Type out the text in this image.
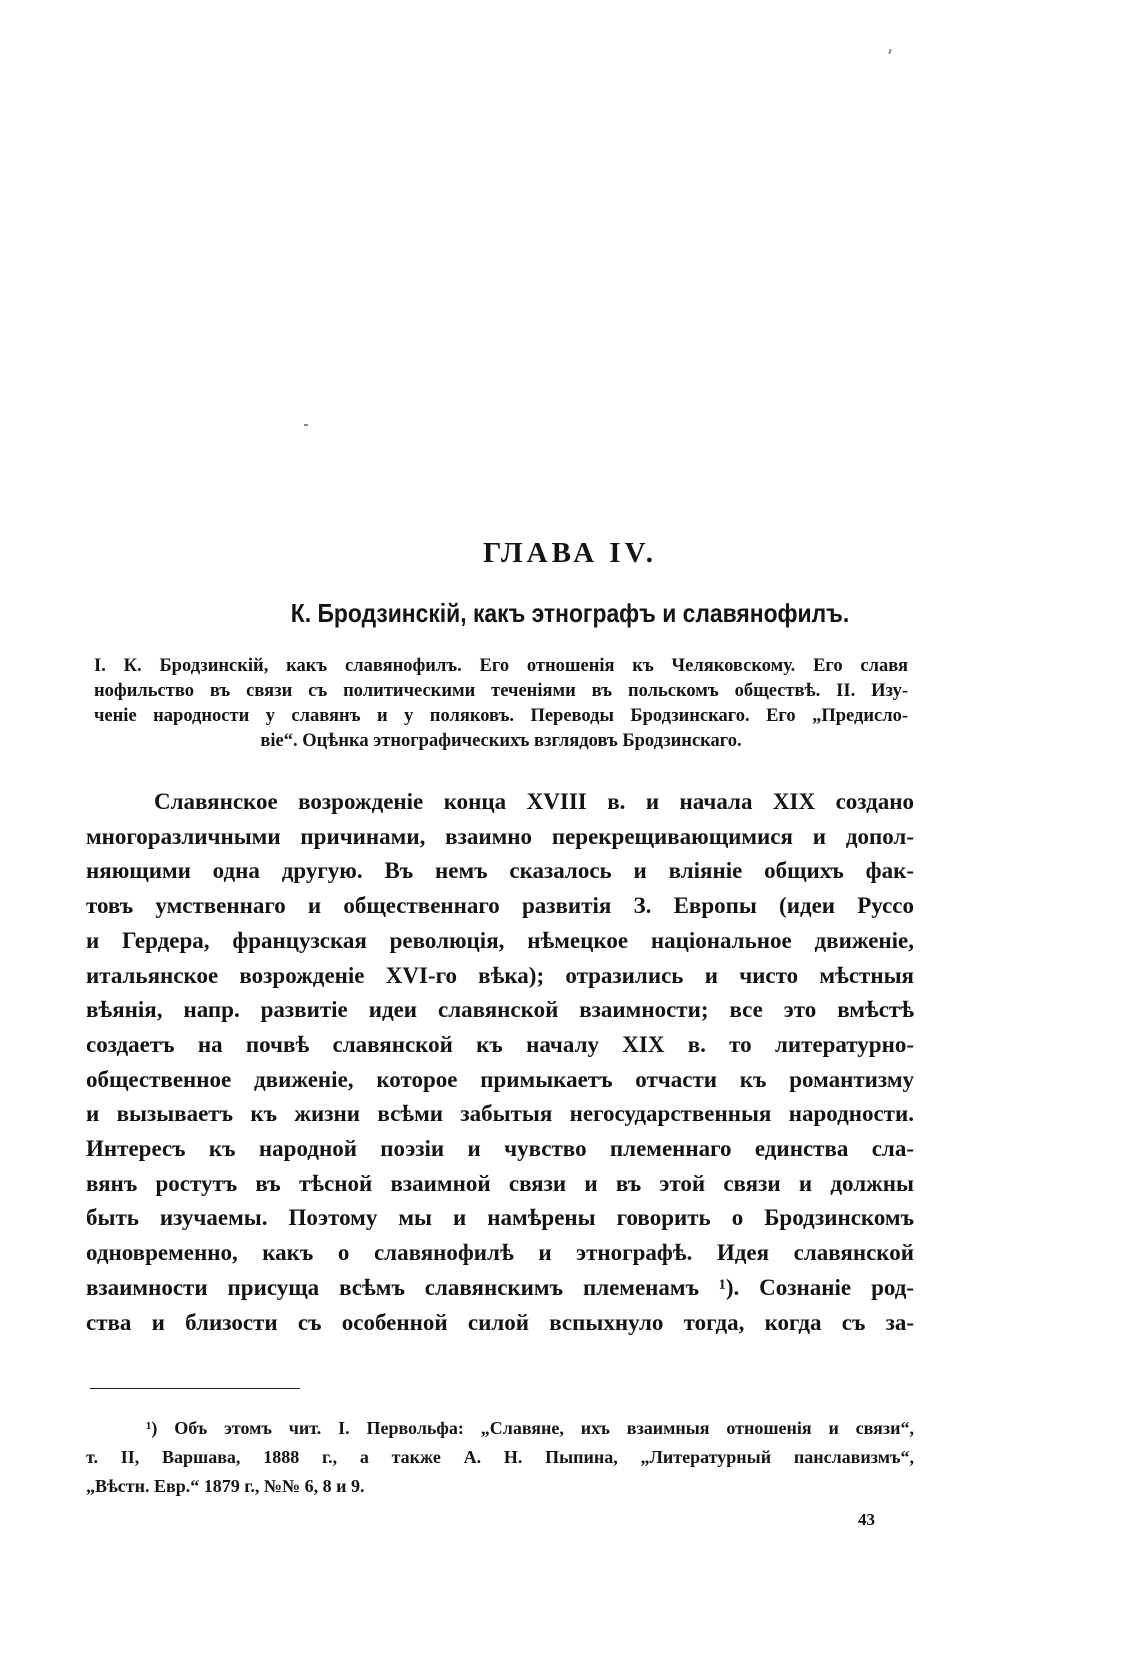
ГЛАВА IV.
К. Бродзинскій, какъ этнографъ и славянофилъ.
I. К. Бродзинскій, какъ славянофилъ. Его отношенія къ Челяковскому. Его славя
нофильство въ связи съ политическими теченіями въ польскомъ обществѣ. II. Изу-
ченіе народности у славянъ и у поляковъ. Переводы Бродзинскаго. Его „Предисло-
віе“. Оцѣнка этнографическихъ взглядовъ Бродзинскаго.
Славянское возрожденіе конца XVIII в. и начала XIX создано
многоразличными причинами, взаимно перекрещивающимися и допол-
няющими одна другую. Въ немъ сказалось и вліяніе общихъ фак-
товъ умственнаго и общественнаго развитія З. Европы (идеи Руссо
и Гердера, французская революція, нѣмецкое національное движеніе,
итальянское возрожденіе XVI-го вѣка); отразились и чисто мѣстныя
вѣянія, напр. развитіе идеи славянской взаимности; все это вмѣстѣ
создаетъ на почвѣ славянской къ началу XIX в. то литературно-
общественное движеніе, которое примыкаетъ отчасти къ романтизму
и вызываетъ къ жизни всѣми забытыя негосударственныя народности.
Интересъ къ народной поэзіи и чувство племеннаго единства сла-
вянъ ростутъ въ тѣсной взаимной связи и въ этой связи и должны
быть изучаемы. Поэтому мы и намѣрены говорить о Бродзинскомъ
одновременно, какъ о славянофилѣ и этнографѣ. Идея славянской
взаимности присуща всѣмъ славянскимъ племенамъ ¹). Сознаніе род-
ства и близости съ особенной силой вспыхнуло тогда, когда съ за-
¹) Объ этомъ чит. I. Первольфа: „Славяне, ихъ взаимныя отношенія и связи“,
т. II, Варшава, 1888 г., а также А. Н. Пыпина, „Литературный панславизмъ“,
„Вѣстн. Евр.“ 1879 г., №№ 6, 8 и 9.
43
